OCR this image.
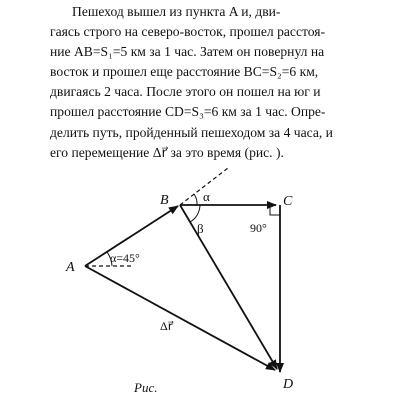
Пешеход вышел из пункта A и, дви-
гаясь строго на северо-восток, прошел расстоя-
ние AB=S₁=5 км за 1 час. Затем он повернул на
восток и прошел еще расстояние BC=S₂=6 км,
двигаясь 2 часа. После этого он пошел на юг и
прошел расстояние CD=S₃=6 км за 1 час. Опре-
делить путь, пройденный пешеходом за 4 часа, и
его перемещение Δr⃗ за это время (рис. ).
A
B	C
D
α=45°
α
β	90°
Δr⃗
Рис.
